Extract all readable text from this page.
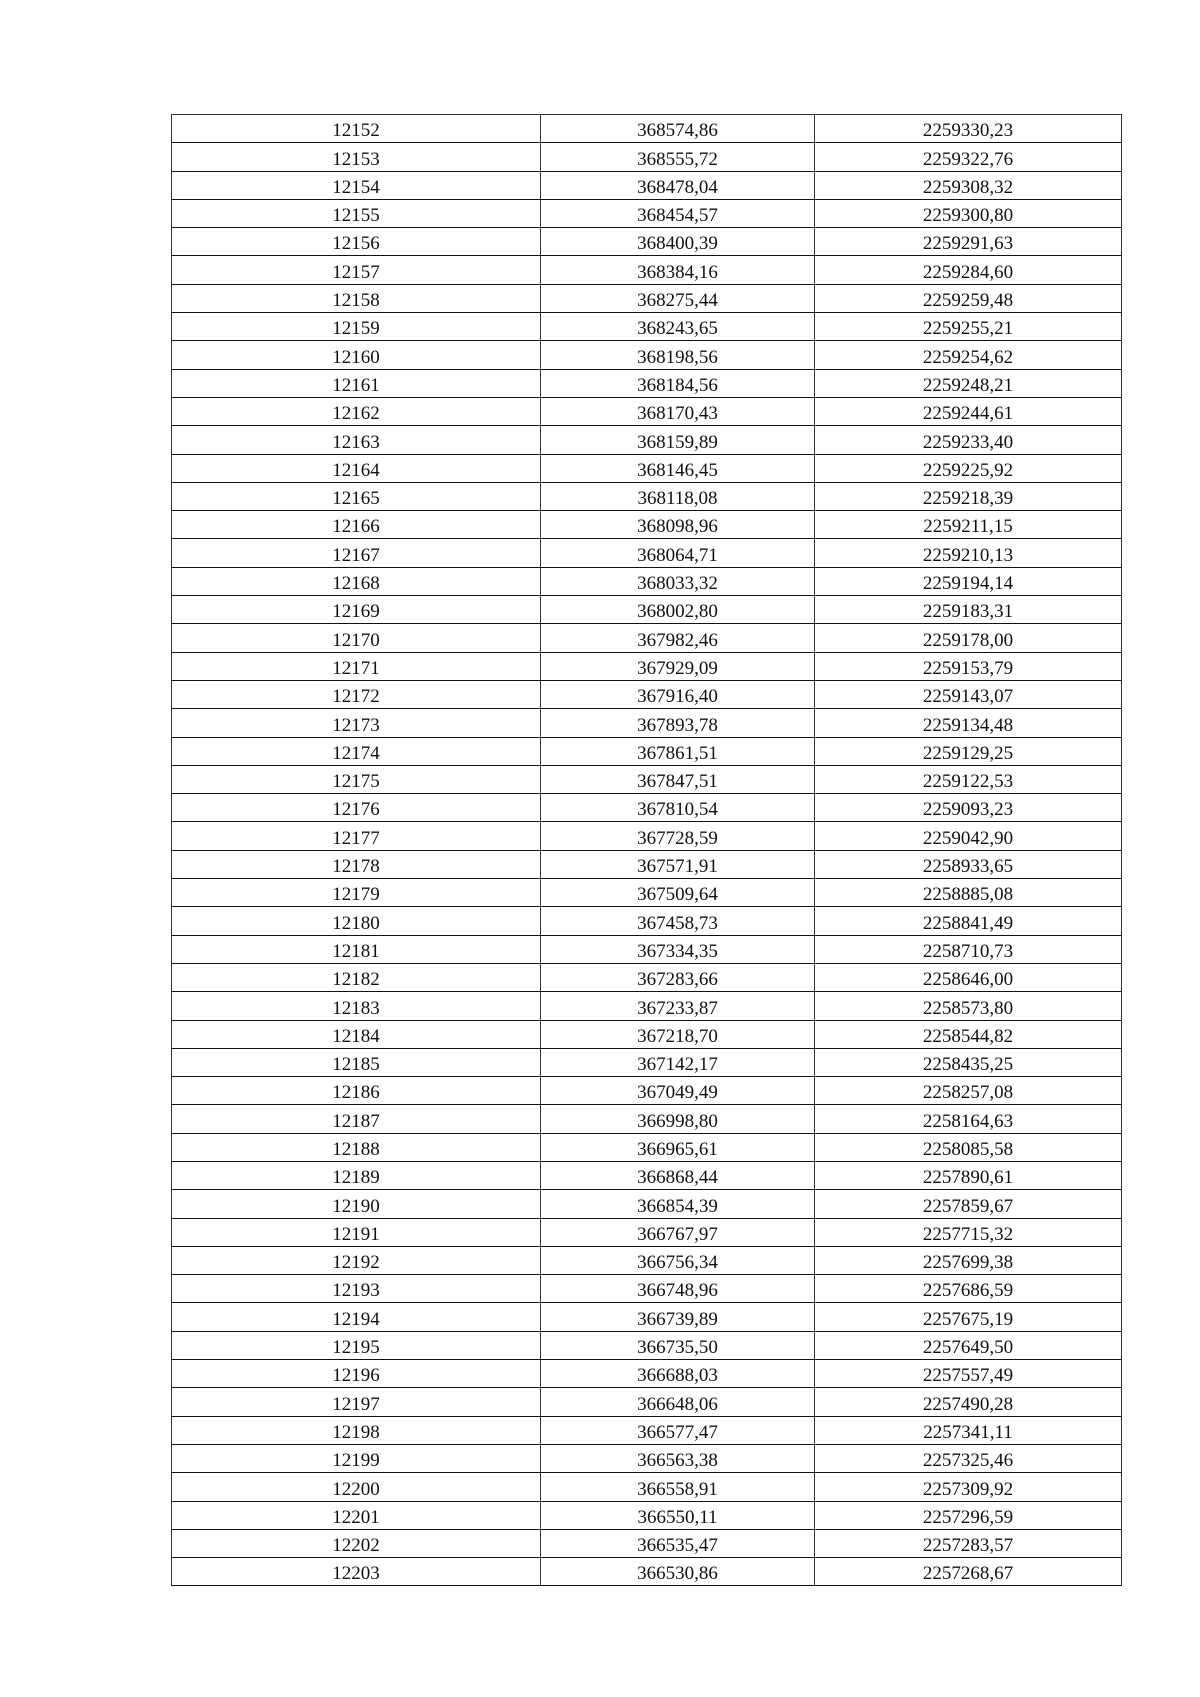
12152	368574,86	2259330,23
12153	368555,72	2259322,76
12154	368478,04	2259308,32
12155	368454,57	2259300,80
12156	368400,39	2259291,63
12157	368384,16	2259284,60
12158	368275,44	2259259,48
12159	368243,65	2259255,21
12160	368198,56	2259254,62
12161	368184,56	2259248,21
12162	368170,43	2259244,61
12163	368159,89	2259233,40
12164	368146,45	2259225,92
12165	368118,08	2259218,39
12166	368098,96	2259211,15
12167	368064,71	2259210,13
12168	368033,32	2259194,14
12169	368002,80	2259183,31
12170	367982,46	2259178,00
12171	367929,09	2259153,79
12172	367916,40	2259143,07
12173	367893,78	2259134,48
12174	367861,51	2259129,25
12175	367847,51	2259122,53
12176	367810,54	2259093,23
12177	367728,59	2259042,90
12178	367571,91	2258933,65
12179	367509,64	2258885,08
12180	367458,73	2258841,49
12181	367334,35	2258710,73
12182	367283,66	2258646,00
12183	367233,87	2258573,80
12184	367218,70	2258544,82
12185	367142,17	2258435,25
12186	367049,49	2258257,08
12187	366998,80	2258164,63
12188	366965,61	2258085,58
12189	366868,44	2257890,61
12190	366854,39	2257859,67
12191	366767,97	2257715,32
12192	366756,34	2257699,38
12193	366748,96	2257686,59
12194	366739,89	2257675,19
12195	366735,50	2257649,50
12196	366688,03	2257557,49
12197	366648,06	2257490,28
12198	366577,47	2257341,11
12199	366563,38	2257325,46
12200	366558,91	2257309,92
12201	366550,11	2257296,59
12202	366535,47	2257283,57
12203	366530,86	2257268,67
